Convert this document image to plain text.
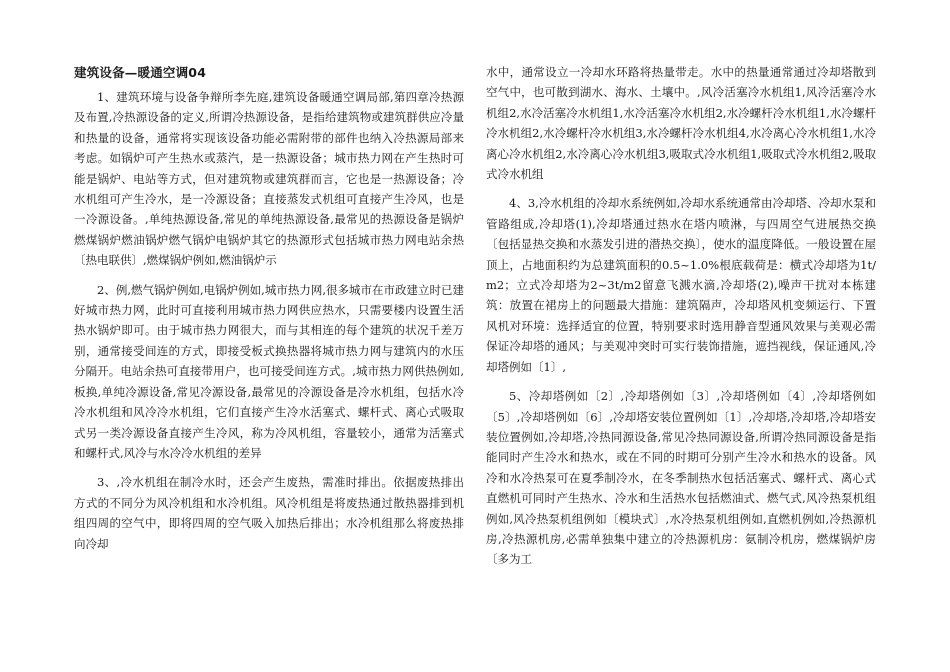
建筑设备—暖通空调04

1、建筑环境与设备争辩所李先庭,建筑设备暖通空调局部,第四章冷热源及布置,冷热源设备的定义,所谓冷热源设备，是指给建筑物或建筑群供应冷量和热量的设备，通常将实现该设备功能必需附带的部件也纳入冷热源局部来考虑。如锅炉可产生热水或蒸汽，是一热源设备；城市热力网在产生热时可能是锅炉、电站等方式，但对建筑物或建筑群而言，它也是一热源设备；冷水机组可产生冷水，是一冷源设备；直接蒸发式机组可直接产生冷风，也是一冷源设备。,单纯热源设备,常见的单纯热源设备,最常见的热源设备是锅炉燃煤锅炉燃油锅炉燃气锅炉电锅炉其它的热源形式包括城市热力网电站余热〔热电联供〕,燃煤锅炉例如,燃油锅炉示

2、例,燃气锅炉例如,电锅炉例如,城市热力网,很多城市在市政建立时已建好城市热力网，此时可直接利用城市热力网供应热水，只需要楼内设置生活热水锅炉即可。由于城市热力网很大，而与其相连的每个建筑的状况千差万别，通常接受间连的方式，即接受板式换热器将城市热力网与建筑内的水压分隔开。电站余热可直接带用户，也可接受间连方式。,城市热力网供热例如,板换,单纯冷源设备,常见冷源设备,最常见的冷源设备是冷水机组，包括水冷冷水机组和风冷冷水机组，它们直接产生冷水活塞式、螺杆式、离心式吸取式另一类冷源设备直接产生冷风，称为冷风机组，容量较小，通常为活塞式和螺杆式,风冷与水冷冷水机组的差异

3、,冷水机组在制冷水时，还会产生废热，需准时排出。依据废热排出方式的不同分为风冷机组和水冷机组。风冷机组是将废热通过散热器排到机组四周的空气中，即将四周的空气吸入加热后排出；水冷机组那么将废热排向冷却

水中，通常设立一冷却水环路将热量带走。水中的热量通常通过冷却塔散到空气中，也可散到湖水、海水、土壤中。,风冷活塞冷水机组1,风冷活塞冷水机组2,水冷活塞冷水机组1,水冷活塞冷水机组2,水冷螺杆冷水机组1,水冷螺杆冷水机组2,水冷螺杆冷水机组3,水冷螺杆冷水机组4,水冷离心冷水机组1,水冷离心冷水机组2,水冷离心冷水机组3,吸取式冷水机组1,吸取式冷水机组2,吸取式冷水机组

4、3,冷水机组的冷却水系统例如,冷却水系统通常由冷却塔、冷却水泵和管路组成,冷却塔(1),冷却塔通过热水在塔内喷淋，与四周空气进展热交换〔包括显热交换和水蒸发引进的潜热交换〕，使水的温度降低。一般设置在屋顶上，占地面积约为总建筑面积的0.5~1.0%根底载荷是：横式冷却塔为1t/m2；立式冷却塔为2~3t/m2留意飞溅水滴,冷却塔(2),噪声干扰对本栋建筑：放置在裙房上的问题最大措施：建筑隔声，冷却塔风机变频运行、下置风机对环境：选择适宜的位置，特别要求时选用静音型通风效果与美观必需保证冷却塔的通风；与美观冲突时可实行装饰措施，遮挡视线，保证通风,冷却塔例如〔1〕,

5、冷却塔例如〔2〕,冷却塔例如〔3〕,冷却塔例如〔4〕,冷却塔例如〔5〕,冷却塔例如〔6〕,冷却塔安装位置例如〔1〕,冷却塔,冷却塔,冷却塔安装位置例如,冷却塔,冷热同源设备,常见冷热同源设备,所谓冷热同源设备是指能同时产生冷水和热水，或在不同的时期可分别产生冷水和热水的设备。风冷和水冷热泵可在夏季制冷水，在冬季制热水包括活塞式、螺杆式、离心式直燃机可同时产生热水、冷水和生活热水包括燃油式、燃气式,风冷热泵机组例如,风冷热泵机组例如〔模块式〕,水冷热泵机组例如,直燃机例如,冷热源机房,冷热源机房,必需单独集中建立的冷热源机房：氨制冷机房，燃煤锅炉房〔多为工
